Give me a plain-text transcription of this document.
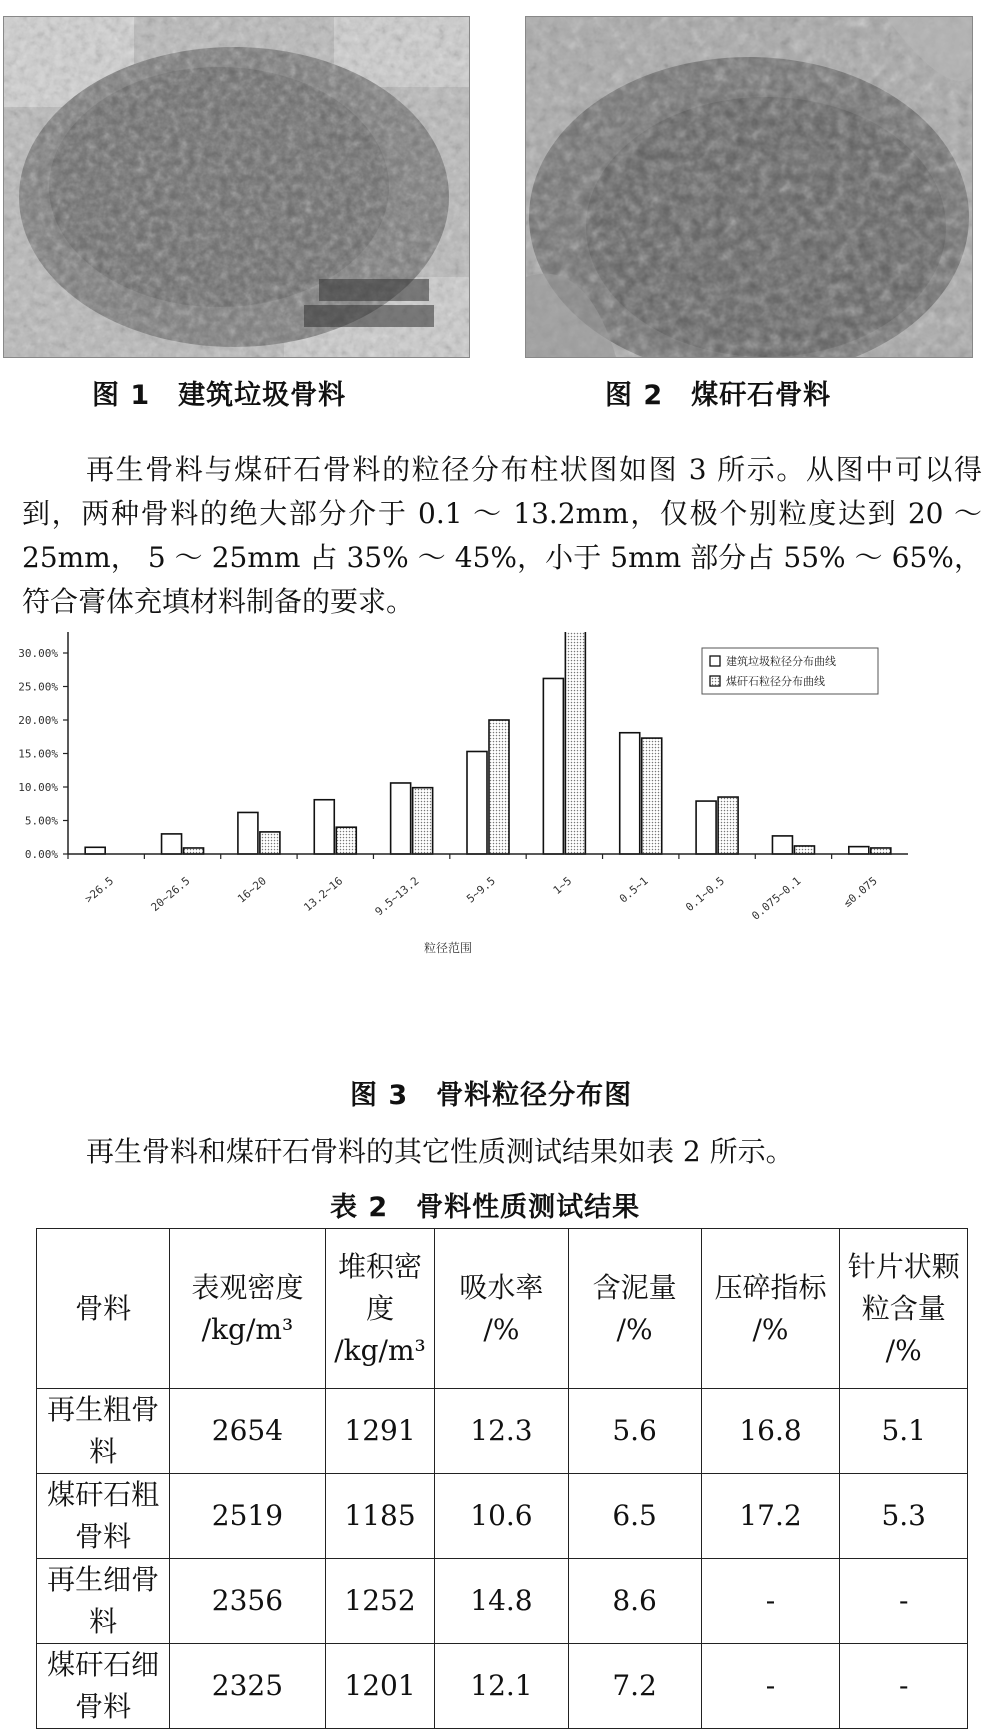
图 1　建筑垃圾骨料	图 2　煤矸石骨料

再生骨料与煤矸石骨料的粒径分布柱状图如图 3 所示。从图中可以得到，两种骨料的绝大部分介于 0.1 ～ 13.2mm，仅极个别粒度达到 20 ～ 25mm， 5 ～ 25mm 占 35% ～ 45%，小于 5mm 部分占 55% ～ 65%，符合膏体充填材料制备的要求。

0.00%
5.00%
10.00%
15.00%
20.00%
25.00%
30.00%
>26.5	20~26.5	16~20	13.2~16 9.5~13.2	5~9.5	1~5	0.5~1	0.1~0.5 0.075~0.1	≤0.075
建筑垃圾粒径分布曲线
煤矸石粒径分布曲线
粒径范围
图 3　骨料粒径分布图

再生骨料和煤矸石骨料的其它性质测试结果如表 2 所示。

表 2　骨料性质测试结果
骨料	表观密度 /kg/m³	堆积密度 /kg/m³	吸水率 /%	含泥量 /%	压碎指标 /%	针片状颗粒含量 /%
再生粗骨料	2654	1291	12.3	5.6	16.8	5.1
煤矸石粗骨料	2519	1185	10.6	6.5	17.2	5.3
再生细骨料	2356	1252	14.8	8.6	-	-
煤矸石细骨料	2325	1201	12.1	7.2	-	-
